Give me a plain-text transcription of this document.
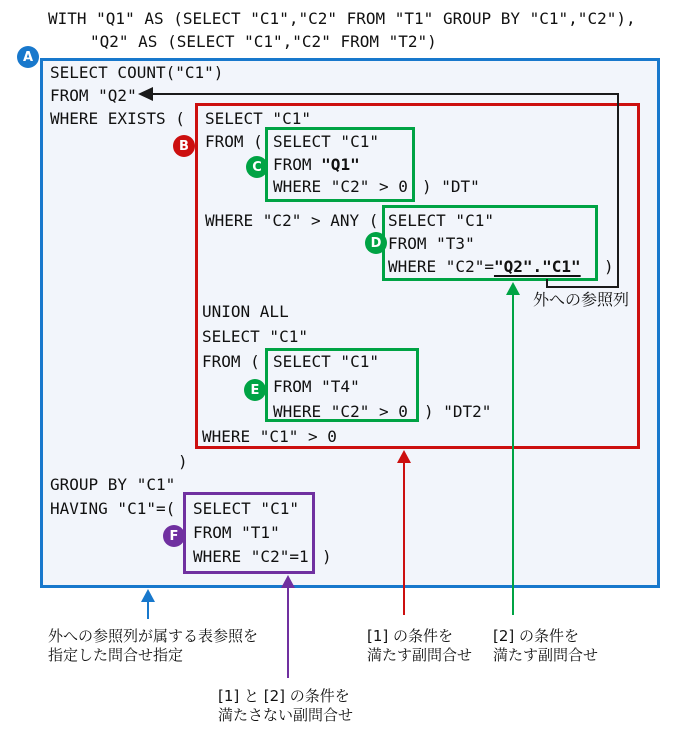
WITH "Q1" AS (SELECT "C1","C2" FROM "T1" GROUP BY "C1","C2"),
"Q2" AS (SELECT "C1","C2" FROM "T2")
A
B
C
D
E
F
SELECT COUNT("C1")
FROM "Q2"
WHERE EXISTS ( SELECT "C1"
FROM ( SELECT "C1"
FROM "Q1"
WHERE "C2" > 0 ) "DT"
WHERE "C2" > ANY ( SELECT "C1"
FROM "T3"
WHERE "C2"="Q2"."C1" )
外への参照列
UNION ALL
SELECT "C1"
FROM ( SELECT "C1"
FROM "T4"
WHERE "C2" > 0 ) "DT2"
WHERE "C1" > 0
)
GROUP BY "C1"
HAVING "C1"=( SELECT "C1"
FROM "T1"
WHERE "C2"=1 )
外への参照列が属する表参照を
指定した問合せ指定
[1] の条件を
満たす副問合せ
[2] の条件を
満たす副問合せ
[1] と [2] の条件を
満たさない副問合せ
